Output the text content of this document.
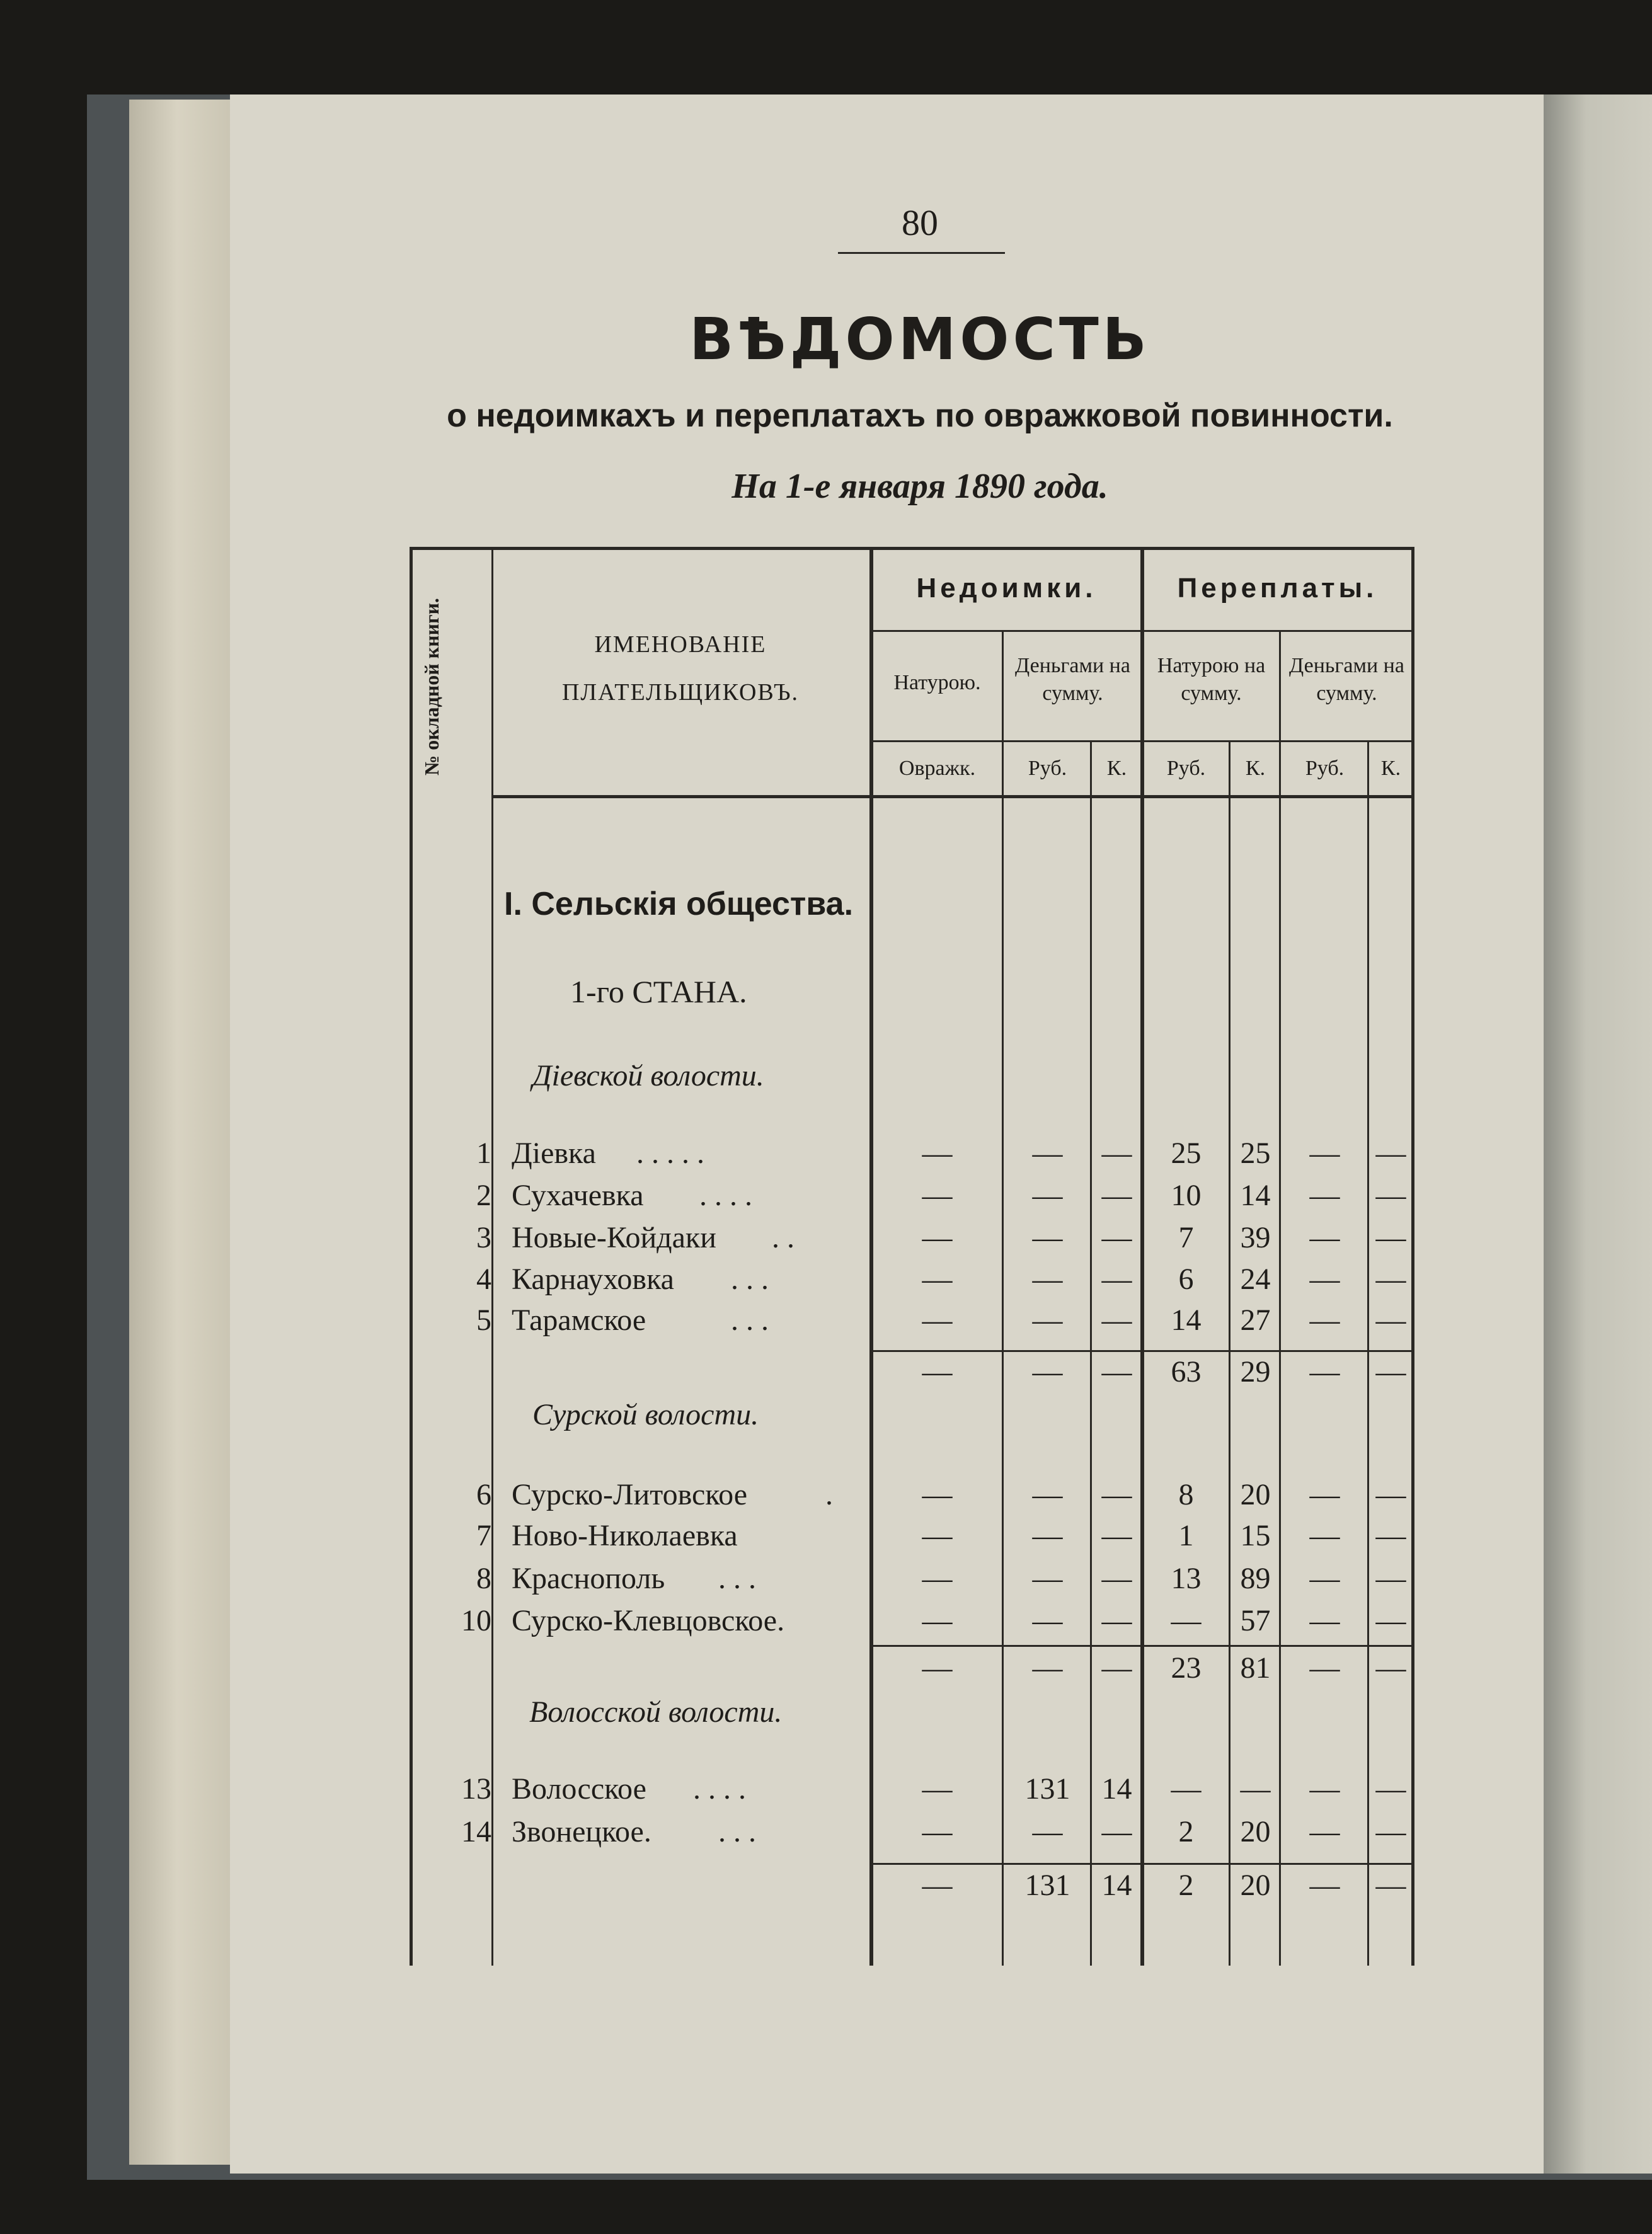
80
ВѢДОМОСТЬ
о недоимкахъ и переплатахъ по овражковой повинности.
На 1-е января 1890 года.
№ окладной книги.	ИМЕНОВАНІЕ ПЛАТЕЛЬЩИКОВЪ.
Недоимки.	Переплаты.
Натурою.
Деньгами на сумму.
Натурою на сумму.
Деньгами на сумму.
Овражк.	Руб.	К.	Руб.	К.	Руб.	К.
І. Сельскія общества.
1-го СТАНА.
Діевской волости.
Сурской волости.
Волосской волости.
1 Діевка . . . . .	—	—	—	25	25	—	—
2 Сухачевка . . . .	—	—	—	10	14	—	—
3 Новые-Койдаки . .	—	—	—	7	39	—	—
4 Карнауховка . . .	—	—	—	6	24	—	—
5 Тарамское	. . .	—	—	—	14	27	—	—
—	—	—	63	29	—	—
6 Сурско-Литовское	.	—	—	—	8	20	—	—
7 Ново-Николаевка	—	—	—	1	15	—	—
8 Краснополь . . .	—	—	—	13	89	—	—
10 Сурско-Клевцовское.	—	—	—	—	57	—	—
—	—	—	23	81	—	—
13 Волосское . . . .	—	131	14	—	—	—	—
14 Звонецкое. . . .	—	—	—	2	20	—	—
—	131	14	2	20	—	—
